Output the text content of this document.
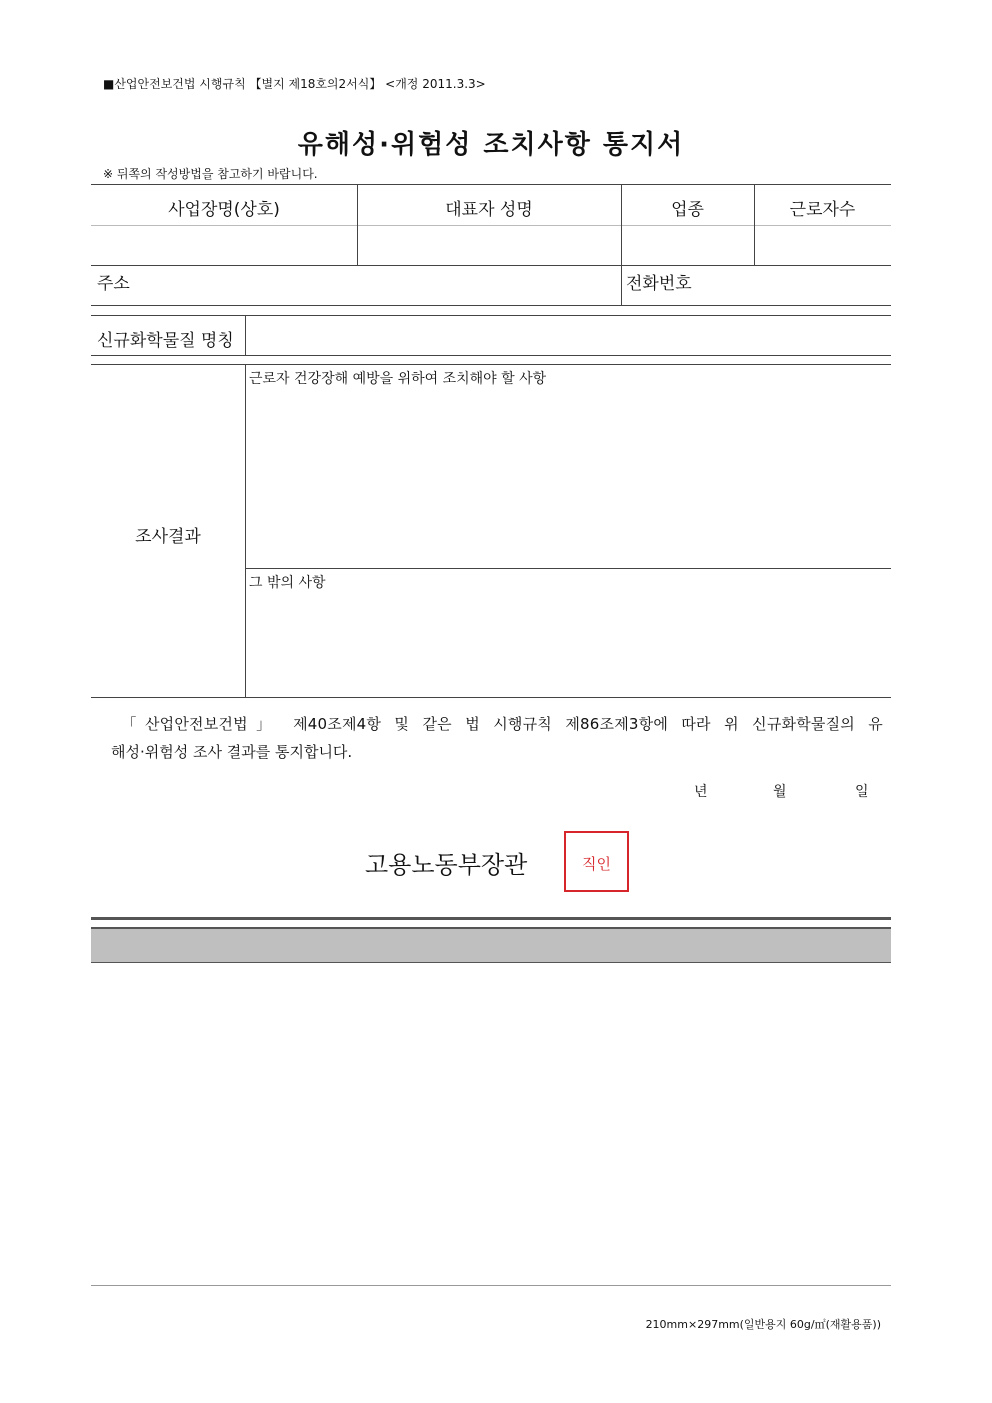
■산업안전보건법 시행규칙 【별지 제18호의2서식】 <개정 2011.3.3>
유해성·위험성 조치사항 통지서
※ 뒤쪽의 작성방법을 참고하기 바랍니다.
사업장명(상호)	대표자 성명	업종	근로자수
주소	전화번호
신규화학물질 명칭
조사결과
근로자 건강장해 예방을 위하여 조치해야 할 사항
그 밖의 사항
「산업안전보건법」 제40조제4항 및 같은 법 시행규칙 제86조제3항에 따라 위 신규화학물질의 유
해성·위험성 조사 결과를 통지합니다.
년	월	일
고용노동부장관	직인
210mm×297mm(일반용지 60g/㎡(재활용품))
